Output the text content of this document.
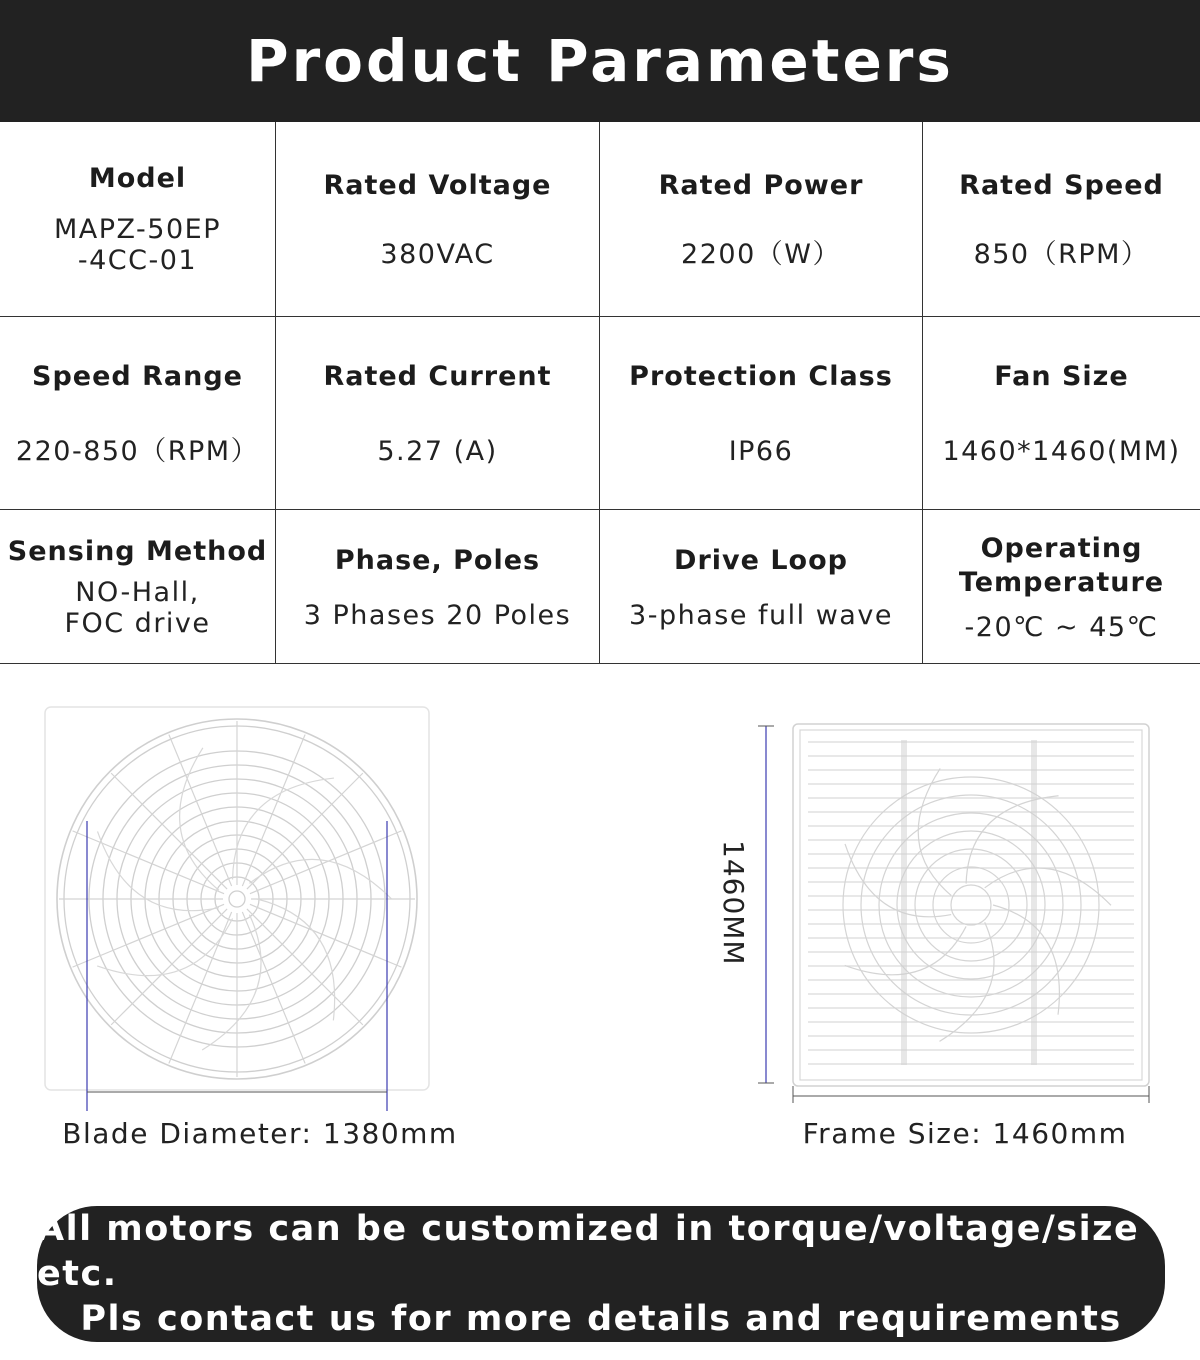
Product Parameters
Model
MAPZ-50EP
-4CC-01
Rated Voltage
380VAC
Rated Power
2200（W）
Rated Speed
850（RPM）
Speed Range
220-850（RPM）
Rated Current
5.27 (A)
Protection Class
IP66
Fan Size
1460*1460(MM)
Sensing Method
NO-Hall,
FOC drive
Phase, Poles
3 Phases 20 Poles
Drive Loop
3-phase full wave
Operating
Temperature
-20℃ ~ 45℃
1460MM
Blade Diameter: 1380mm	Frame Size: 1460mm
All motors can be customized in torque/voltage/size etc.
Pls contact us for more details and requirements
